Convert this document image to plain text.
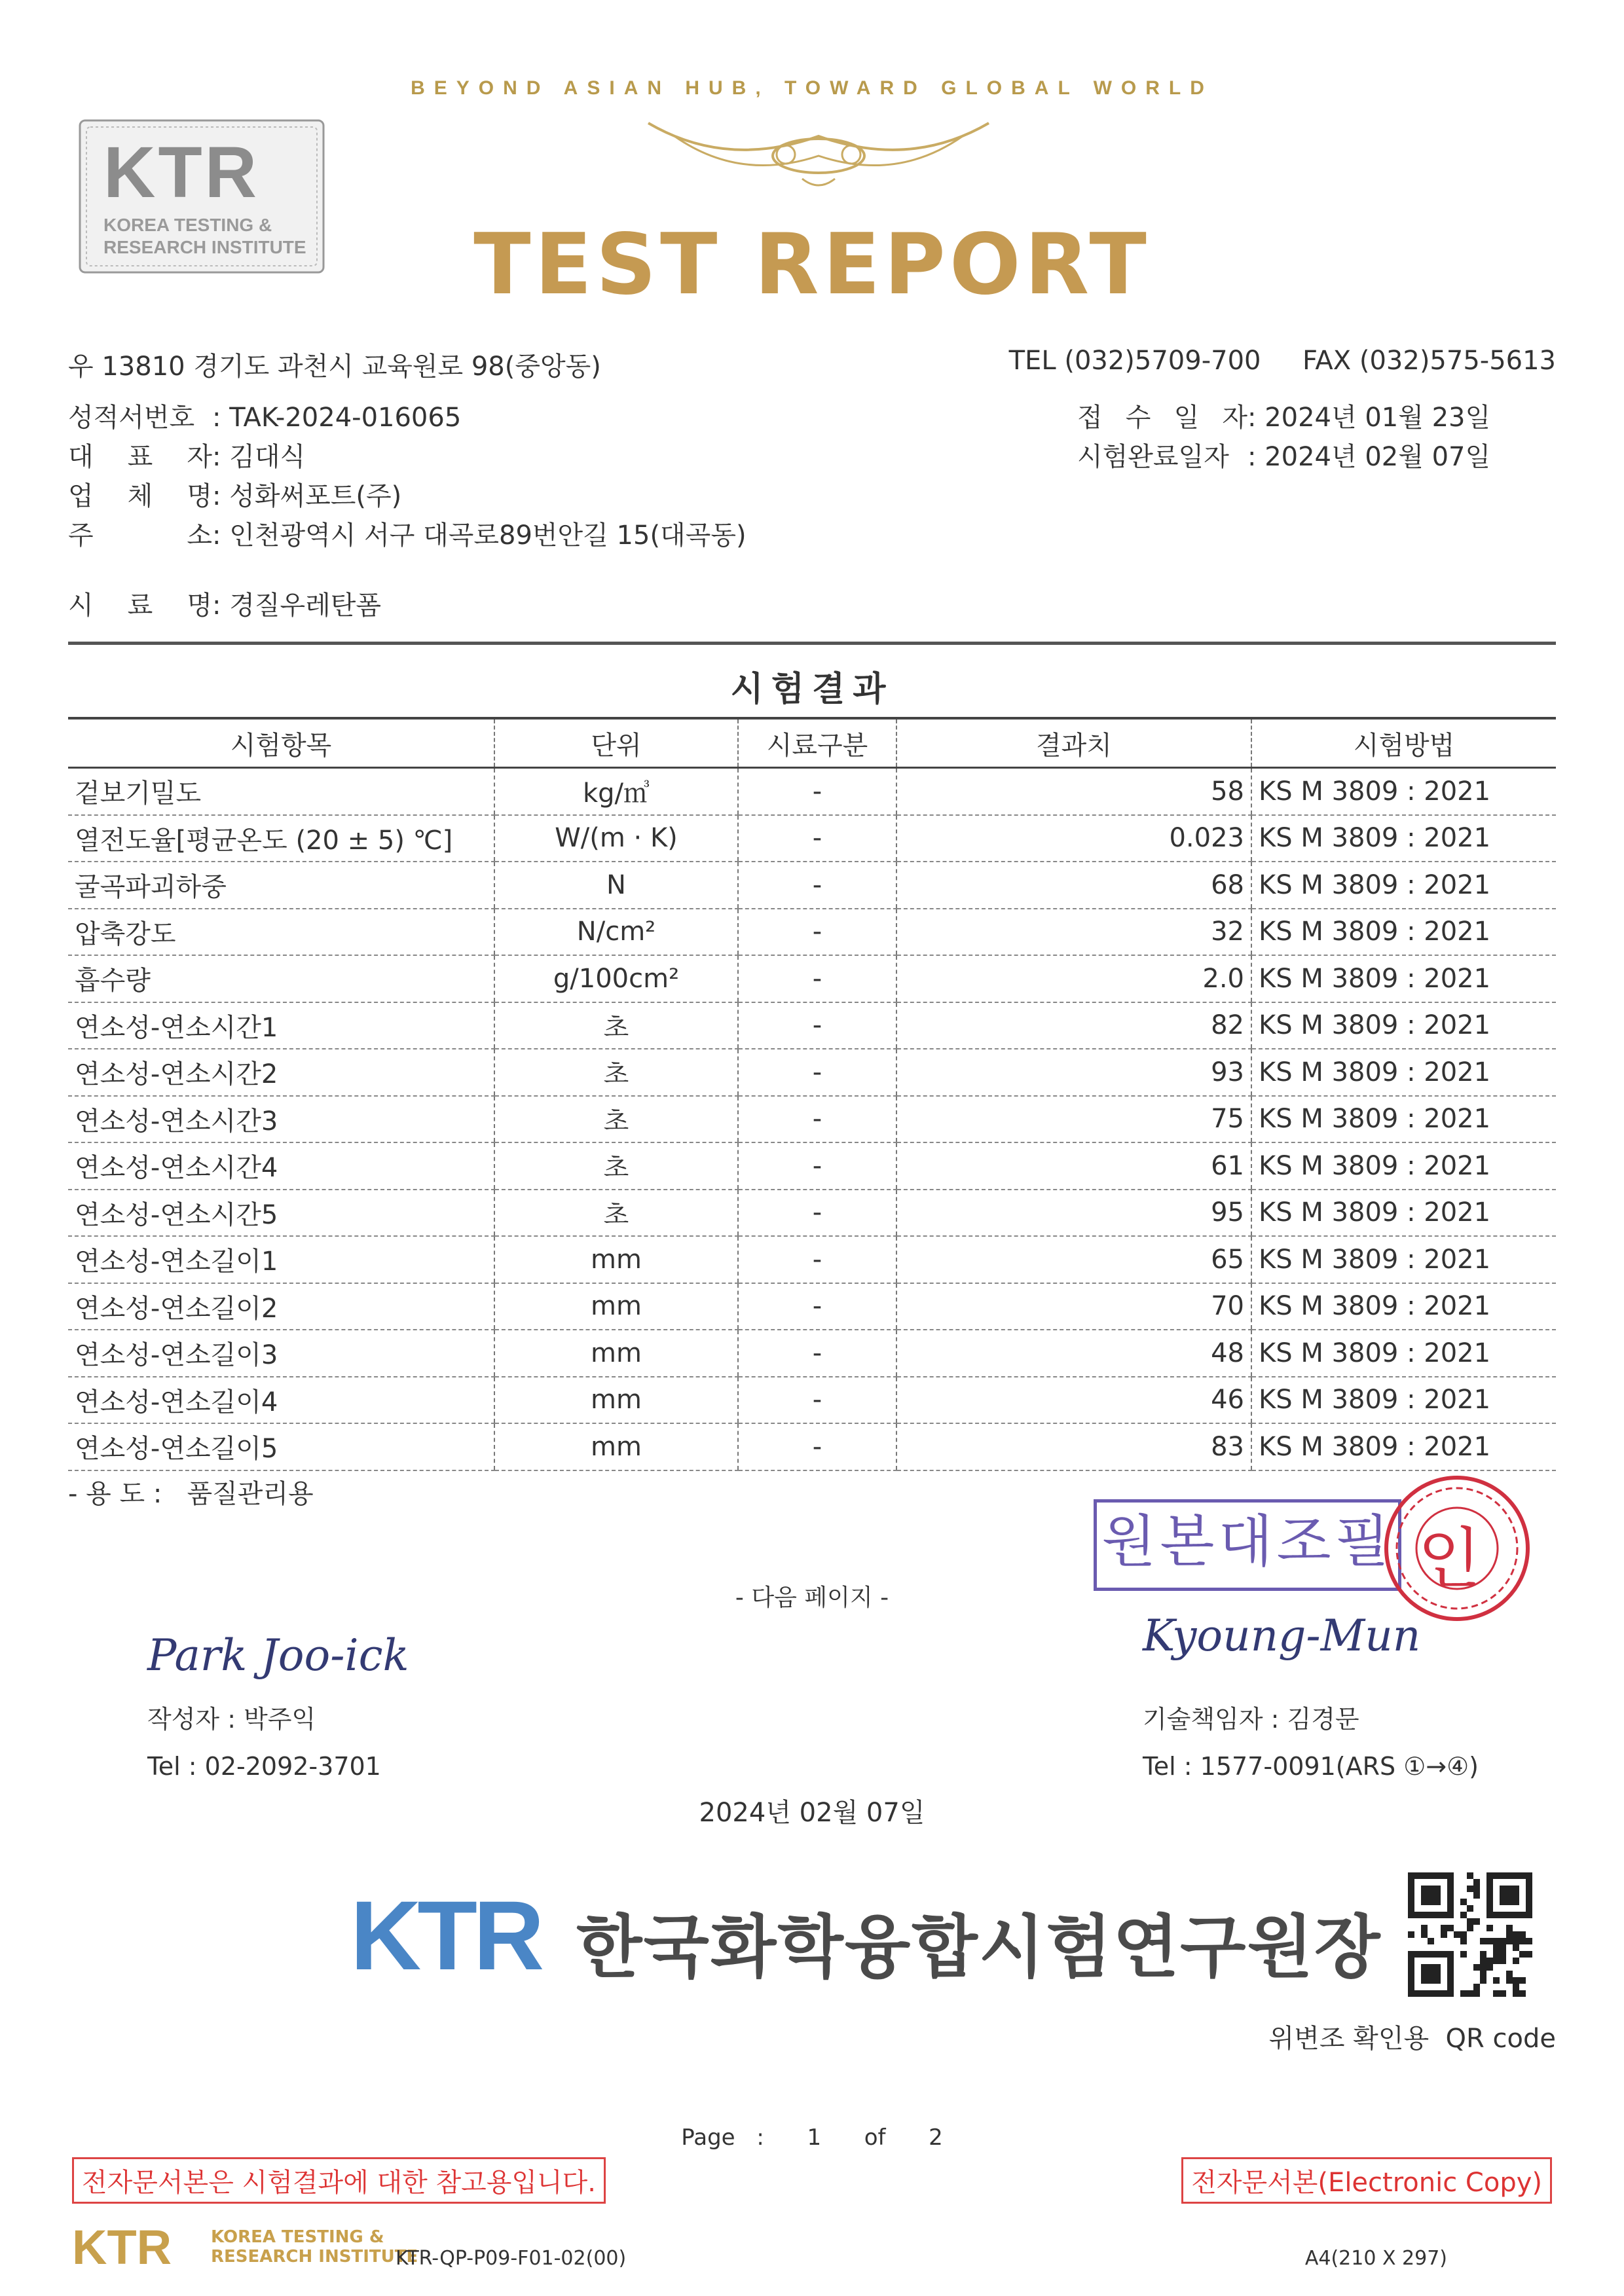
BEYOND ASIAN HUB, TOWARD GLOBAL WORLD
KTR
KOREA TESTING &
RESEARCH INSTITUTE	TEST REPORT
우 13810 경기도 과천시 교육원로 98(중앙동)	TEL (032)5709-700     FAX (032)575-5613
성적서번호 : TAK-2024-016065
대 표 자: 김대식
업 체 명: 성화써포트(주)
주 소: 인천광역시 서구 대곡로89번안길 15(대곡동)
시 료 명: 경질우레탄폼
접 수 일 자: 2024년 01월 23일
시험완료일자 : 2024년 02월 07일
시험결과
시험항목	단위	시료구분	결과치	시험방법
겉보기밀도	kg/㎥	-	58	KS M 3809 : 2021
열전도율[평균온도 (20 ± 5) ℃]	W/(m · K)	-	0.023	KS M 3809 : 2021
굴곡파괴하중	N	-	68	KS M 3809 : 2021
압축강도	N/cm²	-	32	KS M 3809 : 2021
흡수량	g/100cm²	-	2.0	KS M 3809 : 2021
연소성-연소시간1	초	-	82	KS M 3809 : 2021
연소성-연소시간2	초	-	93	KS M 3809 : 2021
연소성-연소시간3	초	-	75	KS M 3809 : 2021
연소성-연소시간4	초	-	61	KS M 3809 : 2021
연소성-연소시간5	초	-	95	KS M 3809 : 2021
연소성-연소길이1	mm	-	65	KS M 3809 : 2021
연소성-연소길이2	mm	-	70	KS M 3809 : 2021
연소성-연소길이3	mm	-	48	KS M 3809 : 2021
연소성-연소길이4	mm	-	46	KS M 3809 : 2021
연소성-연소길이5	mm	-	83	KS M 3809 : 2021
- 용 도 :   품질관리용
원본대조필 인
- 다음 페이지 -
Park Joo-ick	Kyoung-Mun
작성자 : 박주익
Tel : 02-2092-3701
기술책임자 : 김경문
Tel : 1577-0091(ARS ①→④)
2024년 02월 07일
KTR 한국화학융합시험연구원장
위변조 확인용  QR code
Page :  1  of  2
전자문서본은 시험결과에 대한 참고용입니다.	전자문서본(Electronic Copy)
KTR KOREA TESTING &
RESEARCH INSTITUTE
KTR-QP-P09-F01-02(00)	A4(210 X 297)
